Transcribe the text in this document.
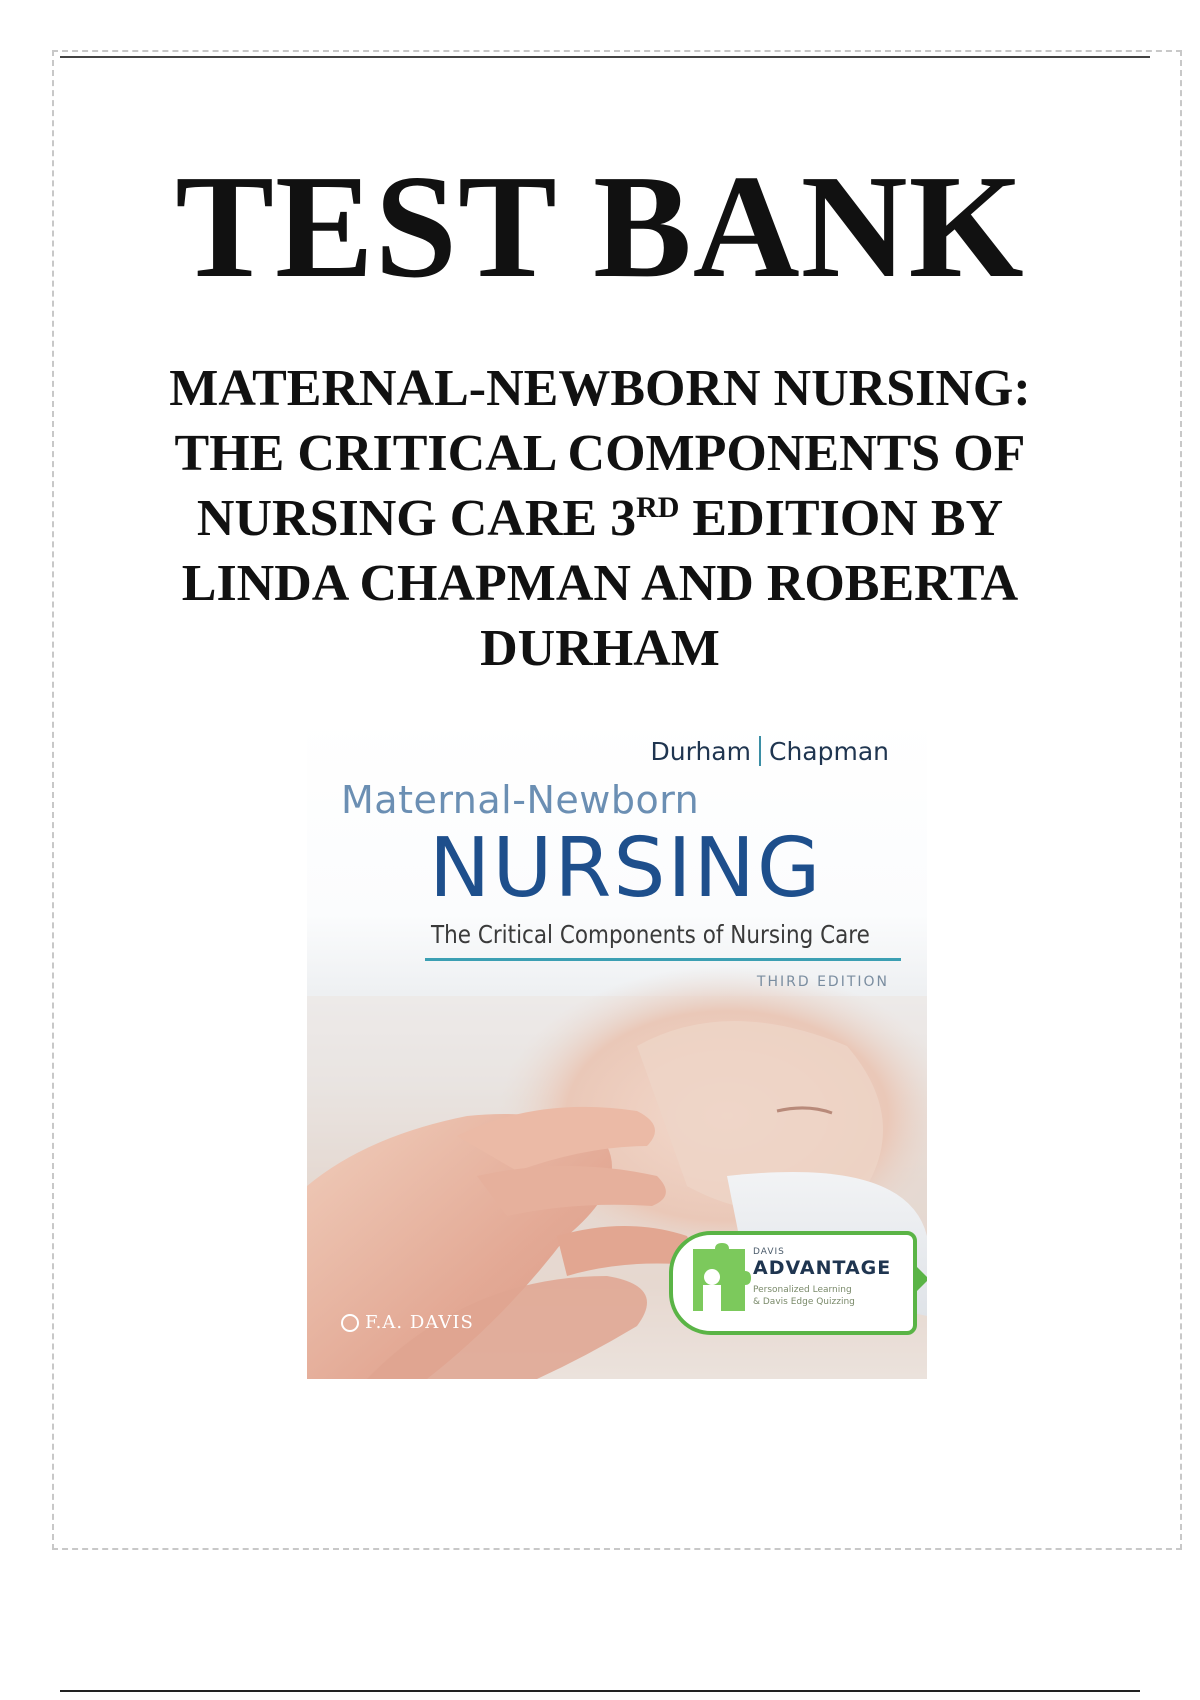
TEST BANK
MATERNAL-NEWBORN NURSING:
THE CRITICAL COMPONENTS OF
NURSING CARE 3RD EDITION BY
LINDA CHAPMAN AND ROBERTA
DURHAM
Durham Chapman
Maternal-Newborn
NURSING
The Critical Components of Nursing Care
THIRD EDITION
F.A. DAVIS
DAVIS
ADVANTAGE
Personalized Learning
& Davis Edge Quizzing
